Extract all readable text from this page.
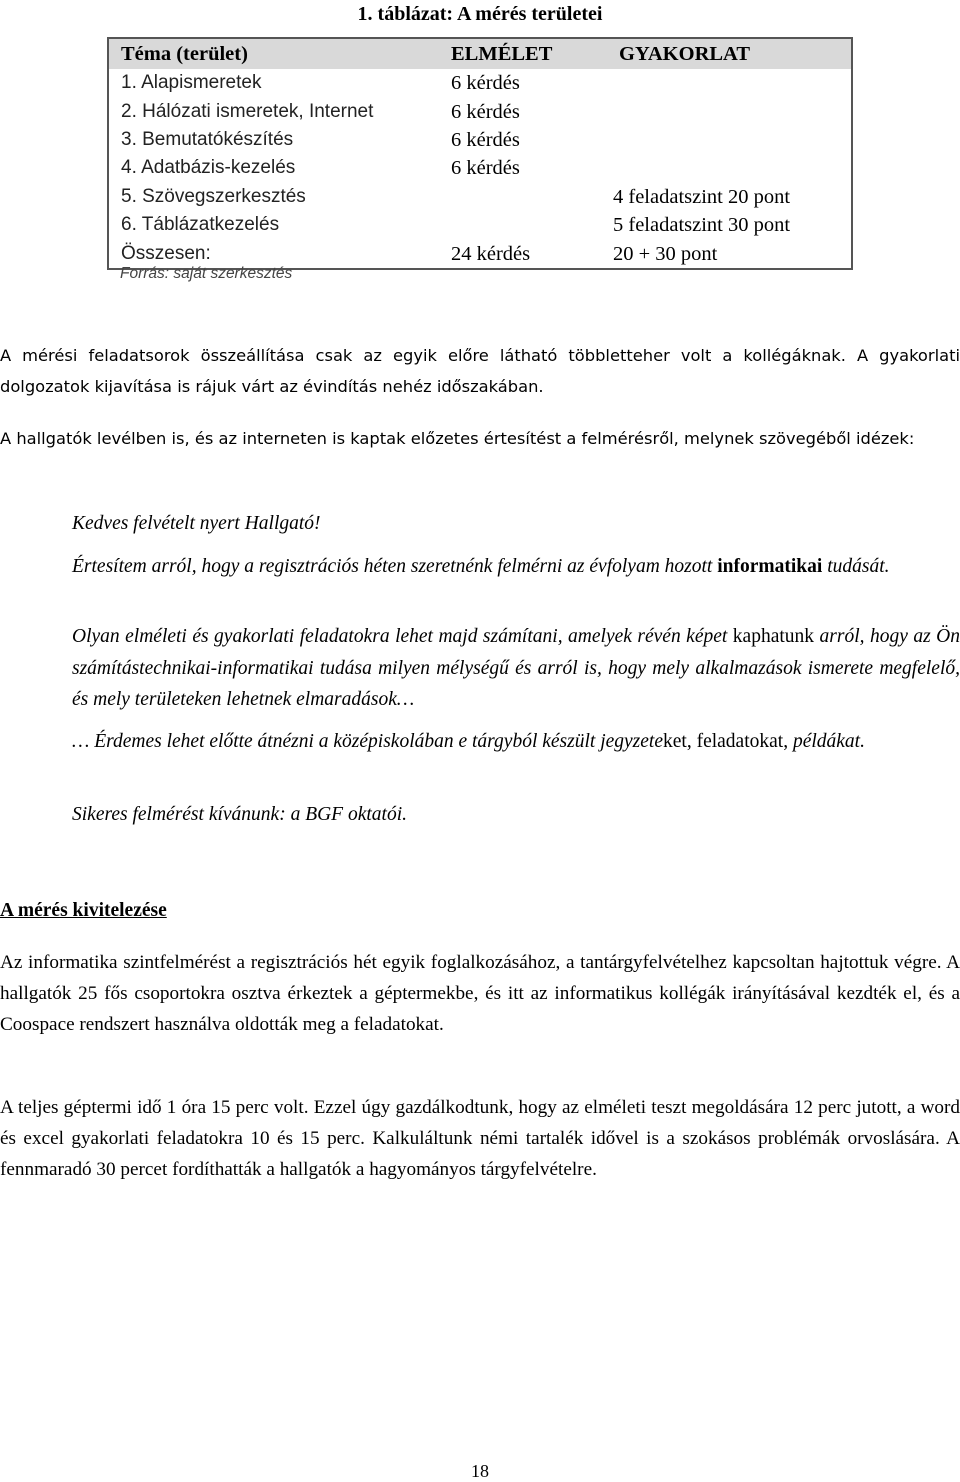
1. táblázat: A mérés területei
Téma (terület)	ELMÉLET	GYAKORLAT
1. Alapismeretek	6 kérdés	
2. Hálózati ismeretek, Internet	6 kérdés	
3. Bemutatókészítés	6 kérdés	
4. Adatbázis-kezelés	6 kérdés	
5. Szövegszerkesztés		4 feladatszint 20 pont
6. Táblázatkezelés		5 feladatszint 30 pont
Összesen:	24 kérdés	20 + 30 pont
Forrás: saját szerkesztés
A mérési feladatsorok összeállítása csak az egyik előre látható többletteher volt a kollégáknak. A gyakorlati dolgozatok kijavítása is rájuk várt az évindítás nehéz időszakában.
A hallgatók levélben is, és az interneten is kaptak előzetes értesítést a felmérésről, melynek szövegéből idézek:
Kedves felvételt nyert Hallgató!
Értesítem arról, hogy a regisztrációs héten szeretnénk felmérni az évfolyam hozott informatikai tudását.
Olyan elméleti és gyakorlati feladatokra lehet majd számítani, amelyek révén képet kaphatunk arról, hogy az Ön számítástechnikai-informatikai tudása milyen mélységű és arról is, hogy mely alkalmazások ismerete megfelelő, és mely területeken lehetnek elmaradások…
… Érdemes lehet előtte átnézni a középiskolában e tárgyból készült jegyzeteket, feladatokat, példákat.
Sikeres felmérést kívánunk: a BGF oktatói.
A mérés kivitelezése
Az informatika szintfelmérést a regisztrációs hét egyik foglalkozásához, a tantárgyfelvételhez kapcsoltan hajtottuk végre. A hallgatók 25 fős csoportokra osztva érkeztek a géptermekbe, és itt az informatikus kollégák irányításával kezdték el, és a Coospace rendszert használva oldották meg a feladatokat.
A teljes géptermi idő 1 óra 15 perc volt. Ezzel úgy gazdálkodtunk, hogy az elméleti teszt megoldására 12 perc jutott, a word és excel gyakorlati feladatokra 10 és 15 perc. Kalkuláltunk némi tartalék idővel is a szokásos problémák orvoslására. A fennmaradó 30 percet fordíthatták a hallgatók a hagyományos tárgyfelvételre.
18
